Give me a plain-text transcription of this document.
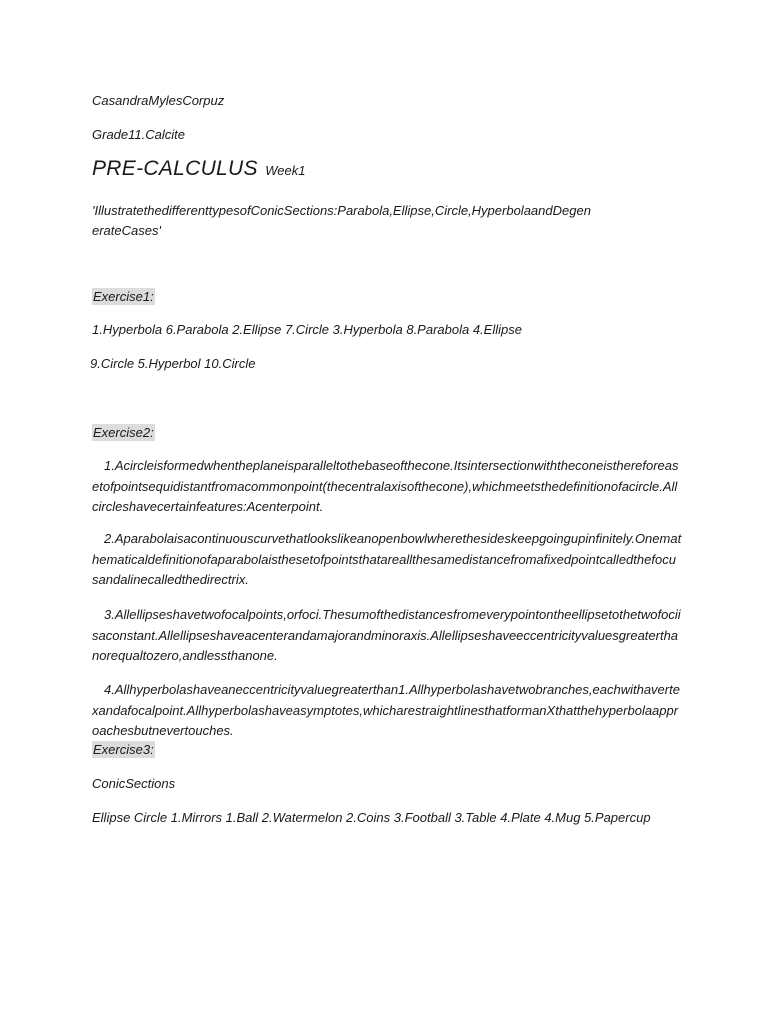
CasandraMylesCorpuz
Grade11.Calcite
PRE-CALCULUS Week1
'IllustratethedifferenttypesofConicSections:Parabola,Ellipse,Circle,HyperbolaandDegen
erateCases'
Exercise1:
1.Hyperbola 6.Parabola 2.Ellipse 7.Circle 3.Hyperbola 8.Parabola 4.Ellipse
9.Circle 5.Hyperbol 10.Circle
Exercise2:
1.Acircleisformedwhentheplaneisparalleltothebaseofthecone.Itsintersectionwiththeconeistherefore​asetofpointsequidistantfromacommonpoint(thecentralaxisofthecone),whichmeetsthed​efinitionofacircle.Allcircleshavecertainfeatures:Acenterpoint.
2.Aparabolaisacontinuouscurvethatlookslikeanopenbowlwherethesideskeepgoingupinfinitely.​Onemathematicaldefinitionofaparabolaisthesetofpointsthatareallthesamedistancefromafixedpoi​ntcalledthefocusandalinecalledthedirectrix.
3.Allellipseshavetwofocalpoints,orfoci.Thesumofthedistancesfromeverypointontheellipsetoth​etwofociisaconstant.Allellipseshaveacenterandamajorandminoraxis.Allellipseshaveeccentricity​valuesgreaterthanorequaltozero,andlessthanone.
4.Allhyperbolashaveaneccentricityvaluegreaterthan1.Allhyperbolashavetwobranches,eachwi​thavertexandafocalpoint.Allhyperbolashaveasymptotes,whicharestraightlinesthatformanXthatth​ehyperbolaapproachesbutnevertouches.
Exercise3:
ConicSections
Ellipse Circle 1.Mirrors 1.Ball 2.Watermelon 2.Coins 3.Football 3.Table 4.Plate 4.Mug 5.Papercup
